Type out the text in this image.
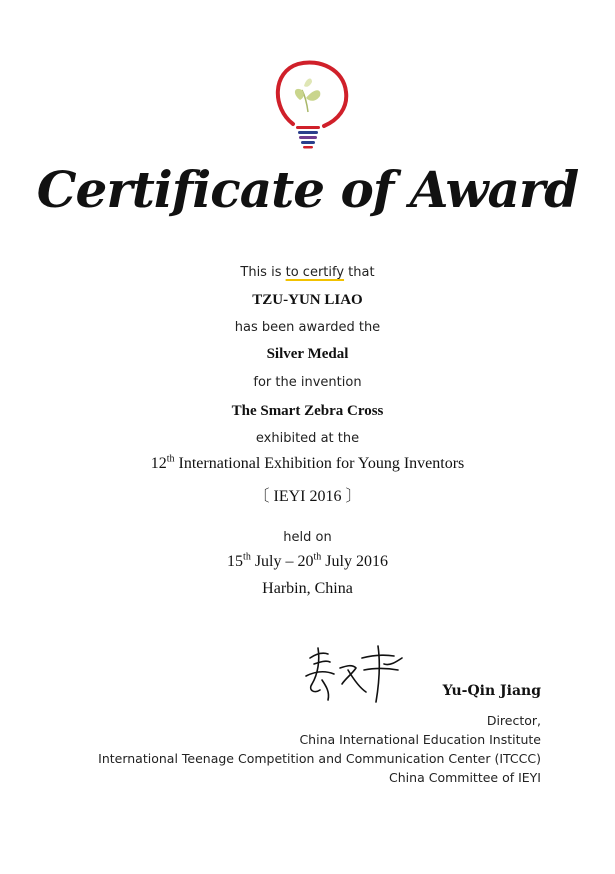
Certificate of Award
This is to certify that
TZU-YUN LIAO
has been awarded the
Silver Medal
for the invention
The Smart Zebra Cross
exhibited at the
12th International Exhibition for Young Inventors
〔 IEYI 2016 〕
held on
15th July – 20th July 2016
Harbin, China
Yu-Qin Jiang
Director,
China International Education Institute
International Teenage Competition and Communication Center (ITCCC)
China Committee of IEYI
